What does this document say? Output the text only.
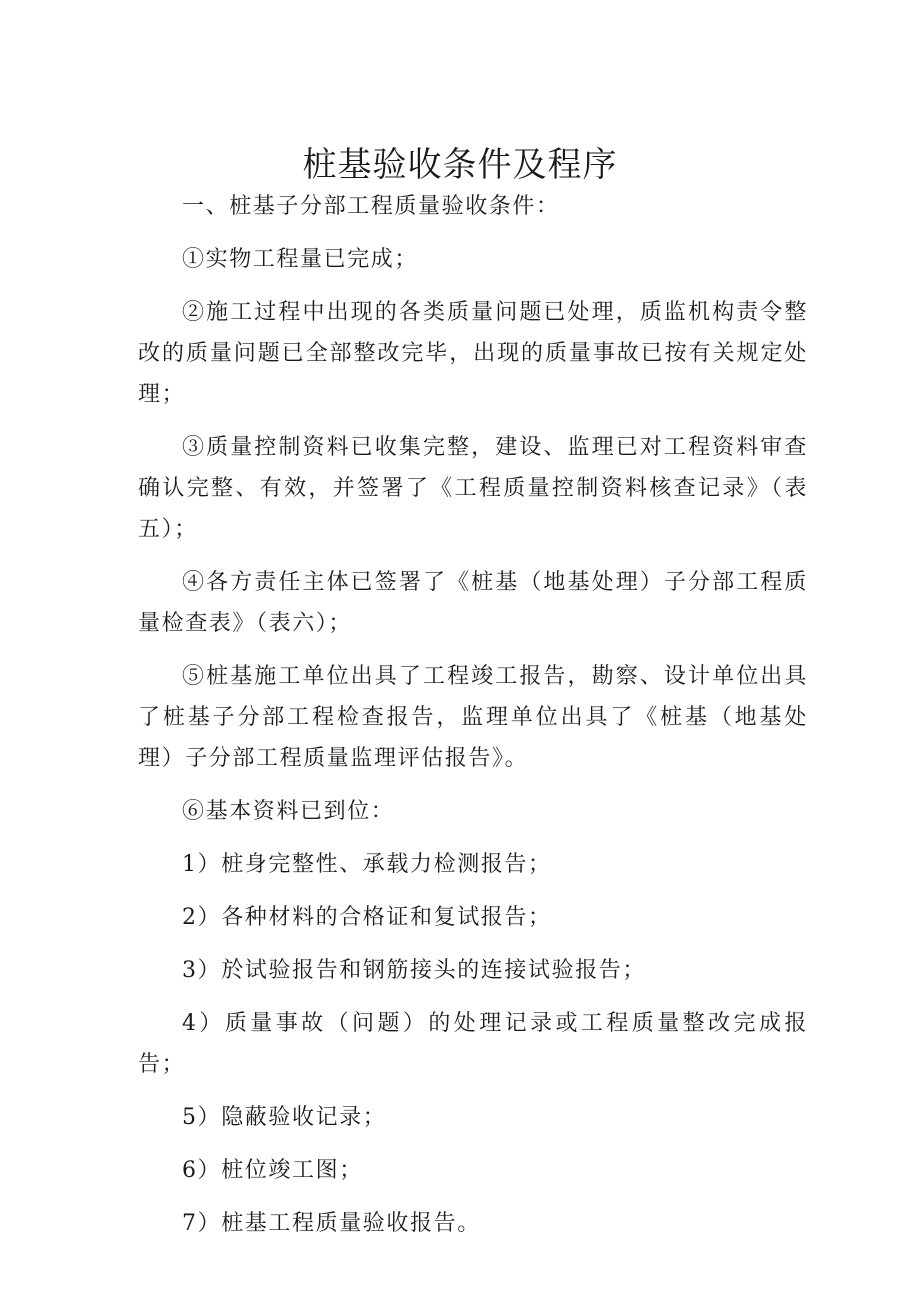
桩基验收条件及程序

一、桩基子分部工程质量验收条件：

①实物工程量已完成；

②施工过程中出现的各类质量问题已处理，质监机构责令整改的质量问题已全部整改完毕，出现的质量事故已按有关规定处理；

③质量控制资料已收集完整，建设、监理已对工程资料审查确认完整、有效，并签署了《工程质量控制资料核查记录》（表五）；

④各方责任主体已签署了《桩基（地基处理）子分部工程质量检查表》（表六）；

⑤桩基施工单位出具了工程竣工报告，勘察、设计单位出具了桩基子分部工程检查报告，监理单位出具了《桩基（地基处理）子分部工程质量监理评估报告》。

⑥基本资料已到位：

1）桩身完整性、承载力检测报告；

2）各种材料的合格证和复试报告；

3）於试验报告和钢筋接头的连接试验报告；

4）质量事故（问题）的处理记录或工程质量整改完成报告；

5）隐蔽验收记录；

6）桩位竣工图；

7）桩基工程质量验收报告。
